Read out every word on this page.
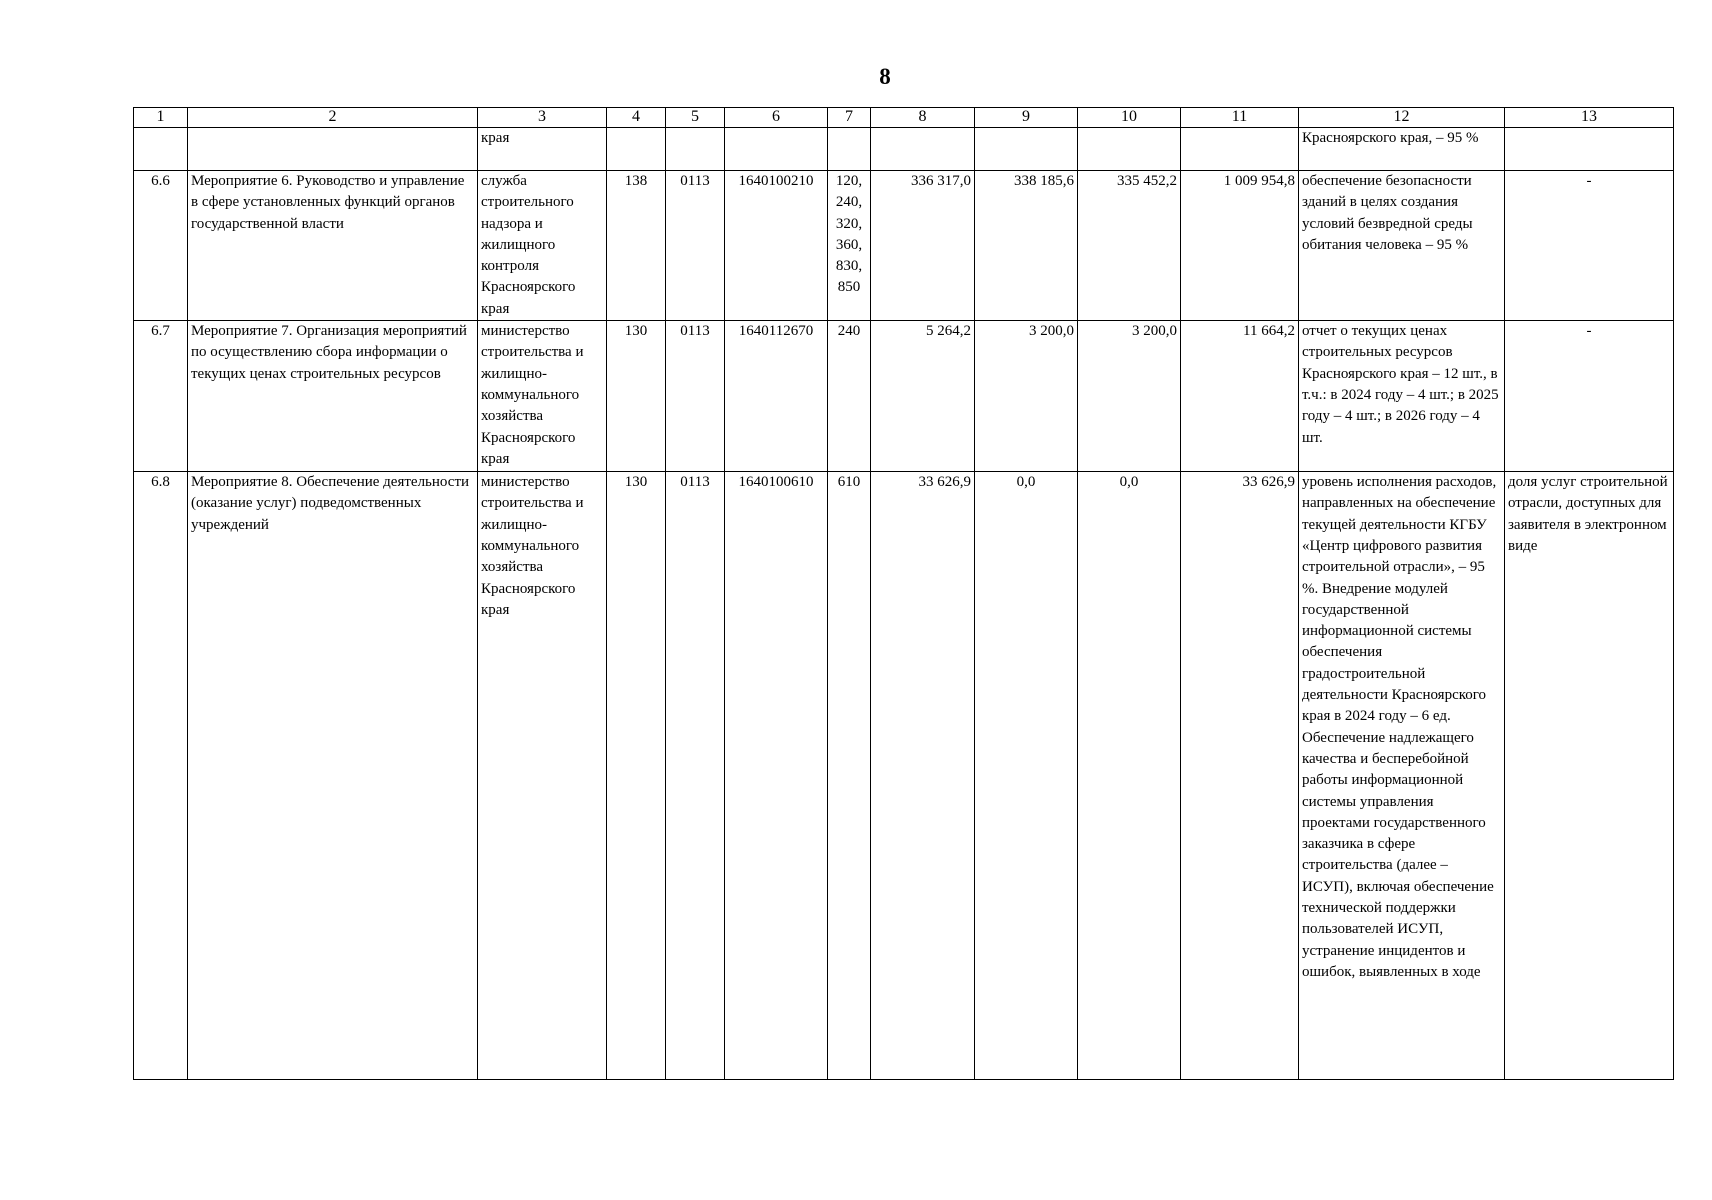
8
1	2	3	4	5	6	7	8	9	10	11	12	13
		края									Красноярского края, – 95 %	
6.6	Мероприятие 6. Руководство и управление в сфере установленных функций органов государственной власти	служба строительного надзора и жилищного контроля Красноярского края	138	0113	1640100210	120, 240, 320, 360, 830, 850	336 317,0	338 185,6	335 452,2	1 009 954,8	обеспечение безопасности зданий в целях создания условий безвредной среды обитания человека – 95 %	-
6.7	Мероприятие 7. Организация мероприятий по осуществлению сбора информации о текущих ценах строительных ресурсов	министерство строительства и жилищно-коммунального хозяйства Красноярского края	130	0113	1640112670	240	5 264,2	3 200,0	3 200,0	11 664,2	отчет о текущих ценах строительных ресурсов Красноярского края – 12 шт., в т.ч.: в 2024 году – 4 шт.; в 2025 году – 4 шт.; в 2026 году – 4 шт.	-
6.8	Мероприятие 8. Обеспечение деятельности (оказание услуг) подведомственных учреждений	министерство строительства и жилищно-коммунального хозяйства Красноярского края	130	0113	1640100610	610	33 626,9	0,0	0,0	33 626,9	уровень исполнения расходов, направленных на обеспечение текущей деятельности КГБУ «Центр цифрового развития строительной отрасли», – 95 %. Внедрение модулей государственной информационной системы обеспечения градостроительной деятельности Красноярского края в 2024 году – 6 ед. Обеспечение надлежащего качества и бесперебойной работы информационной системы управления проектами государственного заказчика в сфере строительства (далее – ИСУП), включая обеспечение технической поддержки пользователей ИСУП, устранение инцидентов и ошибок, выявленных в ходе	доля услуг строительной отрасли, доступных для заявителя в электронном виде
